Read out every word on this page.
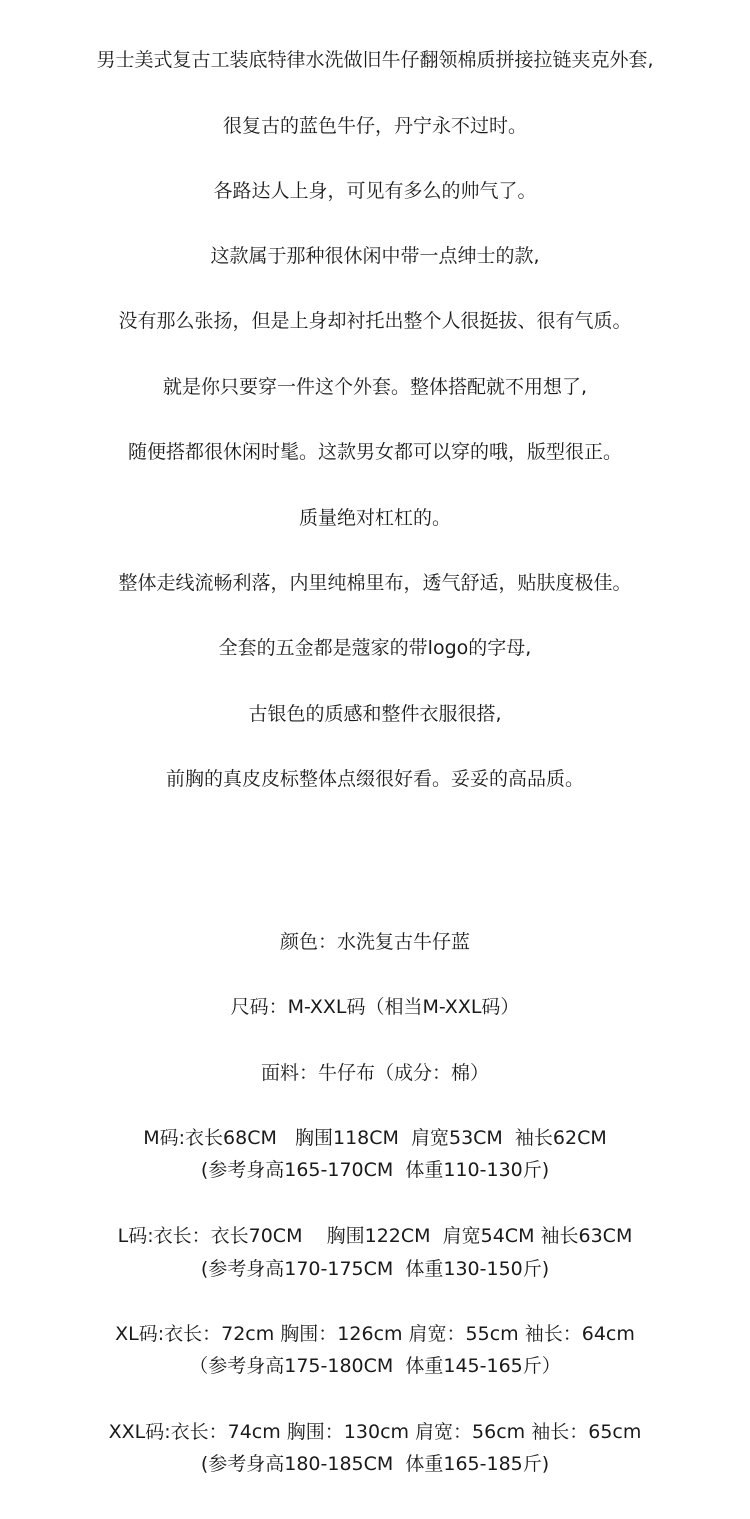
男士美式复古工装底特律水洗做旧牛仔翻领棉质拼接拉链夹克外套,
很复古的蓝色牛仔，丹宁永不过时。
各路达人上身，可见有多么的帅气了。
这款属于那种很休闲中带一点绅士的款,
没有那么张扬，但是上身却衬托出整个人很挺拔、很有气质。
就是你只要穿一件这个外套。整体搭配就不用想了,
随便搭都很休闲时髦。这款男女都可以穿的哦，版型很正。
质量绝对杠杠的。
整体走线流畅利落，内里纯棉里布，透气舒适，贴肤度极佳。
全套的五金都是蔻家的带logo的字母,
古银色的质感和整件衣服很搭,
前胸的真皮皮标整体点缀很好看。妥妥的高品质。
颜色：水洗复古牛仔蓝
尺码：M-XXL码（相当M-XXL码）
面料：牛仔布（成分：棉）
M码:衣长68CM   胸围118CM  肩宽53CM  袖长62CM
(参考身高165-170CM  体重110-130斤)
L码:衣长：衣长70CM    胸围122CM  肩宽54CM 袖长63CM
(参考身高170-175CM  体重130-150斤)
XL码:衣长：72cm 胸围：126cm 肩宽：55cm 袖长：64cm
（参考身高175-180CM  体重145-165斤）
XXL码:衣长：74cm 胸围：130cm 肩宽：56cm 袖长：65cm
(参考身高180-185CM  体重165-185斤)
